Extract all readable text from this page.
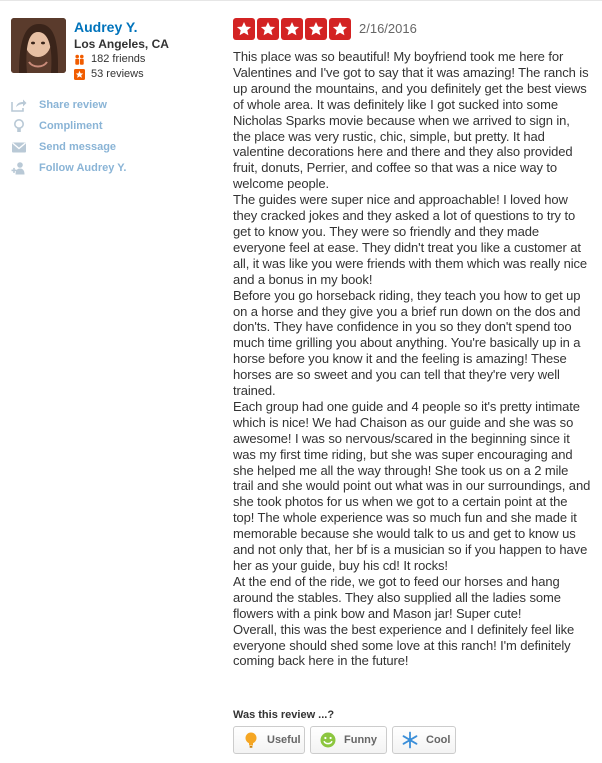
Audrey Y.
Los Angeles, CA
182 friends
53 reviews
Share review
Compliment
Send message
Follow Audrey Y.
2/16/2016

This place was so beautiful! My boyfriend took me here for Valentines and I've got to say that it was amazing! The ranch is up around the mountains, and you definitely get the best views of whole area. It was definitely like I got sucked into some Nicholas Sparks movie because when we arrived to sign in, the place was very rustic, chic, simple, but pretty. It had valentine decorations here and there and they also provided fruit, donuts, Perrier, and coffee so that was a nice way to welcome people.

The guides were super nice and approachable! I loved how they cracked jokes and they asked a lot of questions to try to get to know you. They were so friendly and they made everyone feel at ease. They didn't treat you like a customer at all, it was like you were friends with them which was really nice and a bonus in my book!

Before you go horseback riding, they teach you how to get up on a horse and they give you a brief run down on the dos and don'ts. They have confidence in you so they don't spend too much time grilling you about anything. You're basically up in a horse before you know it and the feeling is amazing! These horses are so sweet and you can tell that they're very well trained.

Each group had one guide and 4 people so it's pretty intimate which is nice! We had Chaison as our guide and she was so awesome! I was so nervous/scared in the beginning since it was my first time riding, but she was super encouraging and she helped me all the way through! She took us on a 2 mile trail and she would point out what was in our surroundings, and she took photos for us when we got to a certain point at the top! The whole experience was so much fun and she made it memorable because she would talk to us and get to know us and not only that, her bf is a musician so if you happen to have her as your guide, buy his cd! It rocks!

At the end of the ride, we got to feed our horses and hang around the stables. They also supplied all the ladies some flowers with a pink bow and Mason jar! Super cute!

Overall, this was the best experience and I definitely feel like everyone should shed some love at this ranch! I'm definitely coming back here in the future!

Was this review ...?
Useful	Funny	Cool
